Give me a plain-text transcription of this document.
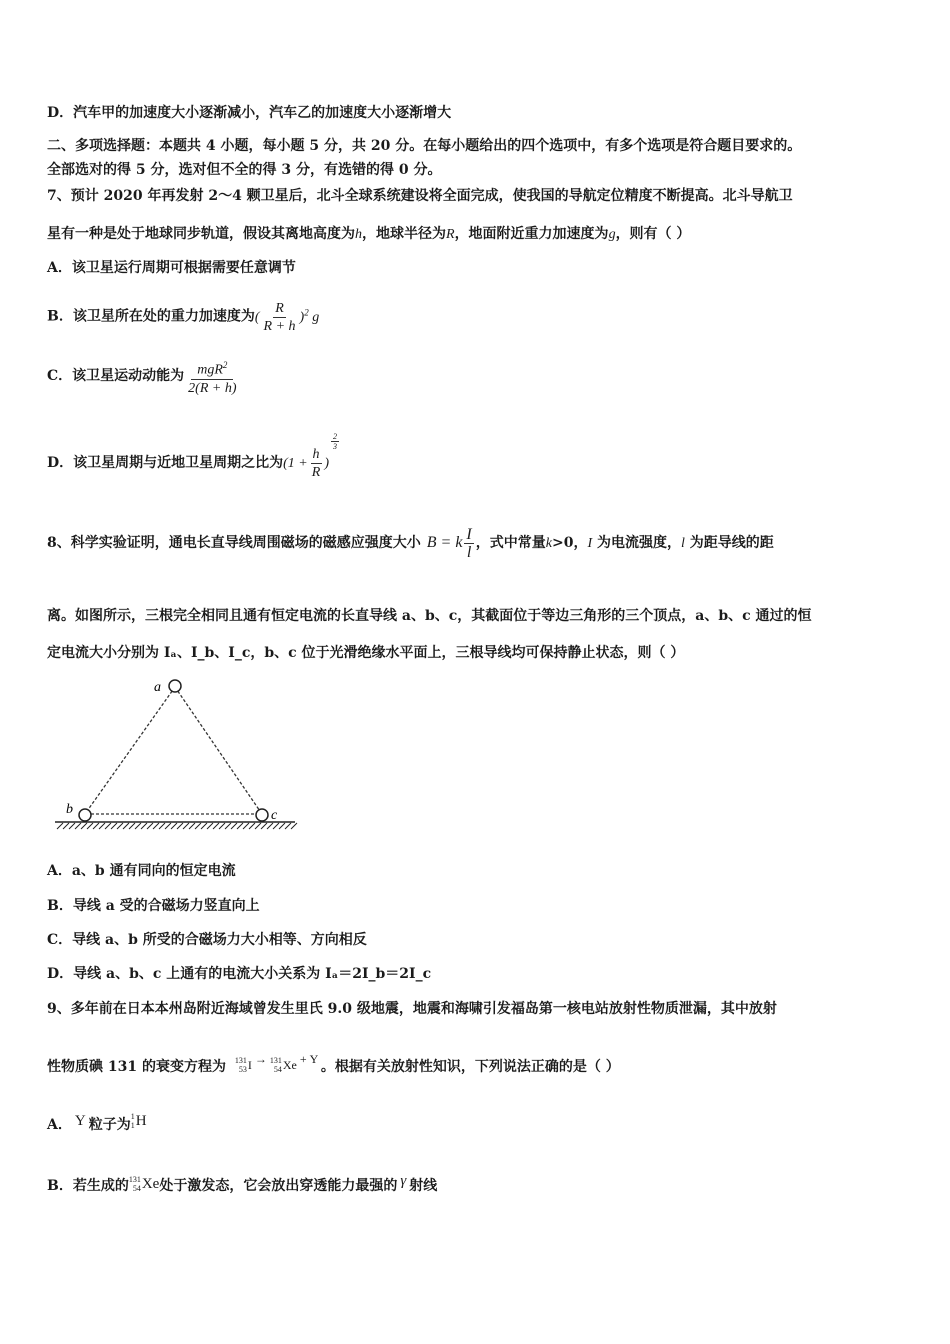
D．汽车甲的加速度大小逐渐减小，汽车乙的加速度大小逐渐增大
二、多项选择题：本题共 4 小题，每小题 5 分，共 20 分。在每小题给出的四个选项中，有多个选项是符合题目要求的。
全部选对的得 5 分，选对但不全的得 3 分，有选错的得 0 分。
7、预计 2020 年再发射 2～4 颗卫星后，北斗全球系统建设将全面完成，使我国的导航定位精度不断提高。北斗导航卫
星有一种是处于地球同步轨道，假设其离地高度为h，地球半径为R，地面附近重力加速度为g，则有（ ）
A．该卫星运行周期可根据需要任意调节
B．该卫星所在处的重力加速度为( $\frac{R}{R + h} )^2$ g
C．该卫星运动动能为 $\frac{mgR^2}{2(R + h)}$
D．该卫星周期与近地卫星周期之比为($1 + \frac{h}{R}$ )
$\frac{2}{3}$
8、科学实验证明，通电长直导线周围磁场的磁感应强度大小 B = k $\frac{I}{l}$ ，式中常量k>0，I 为电流强度，l 为距导线的距
离。如图所示，三根完全相同且通有恒定电流的长直导线 a、b、c，其截面位于等边三角形的三个顶点，a、b、c 通过的恒
定电流大小分别为 Iₐ、I_b、I_c，b、c 位于光滑绝缘水平面上，三根导线均可保持静止状态，则（ ）
a
b	c
A．a、b 通有同向的恒定电流
B．导线 a 受的合磁场力竖直向上
C．导线 a、b 所受的合磁场力大小相等、方向相反
D．导线 a、b、c 上通有的电流大小关系为 Iₐ＝2I_b＝2I_c
9、多年前在日本本州岛附近海域曾发生里氏 9.0 级地震，地震和海啸引发福岛第一核电站放射性物质泄漏，其中放射
性物质碘 131 的衰变方程为 131
53 I → 131
54 Xe + Y 。根据有关放射性知识，下列说法正确的是（ ）
A． Y 粒子为
1
1 H
B．若生成的 131
54 Xe 处于激发态，它会放出穿透能力最强的 γ 射线
